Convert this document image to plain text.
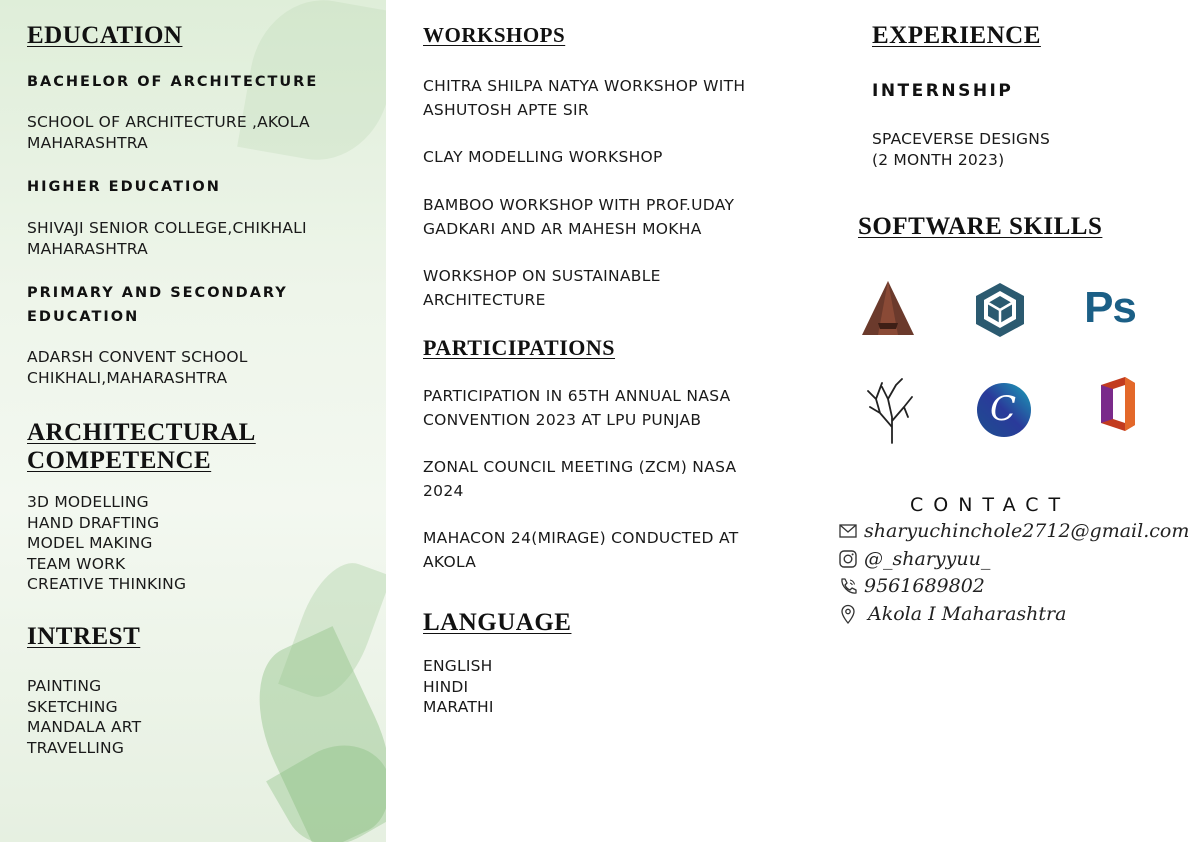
EDUCATION
BACHELOR OF ARCHITECTURE
SCHOOL OF ARCHITECTURE ,AKOLA
MAHARASHTRA
HIGHER EDUCATION
SHIVAJI SENIOR COLLEGE,CHIKHALI
MAHARASHTRA
PRIMARY AND SECONDARY
EDUCATION
ADARSH CONVENT SCHOOL
CHIKHALI,MAHARASHTRA
ARCHITECTURAL
COMPETENCE
3D MODELLING
HAND DRAFTING
MODEL MAKING
TEAM WORK
CREATIVE THINKING
INTREST
PAINTING
SKETCHING
MANDALA ART
TRAVELLING
WORKSHOPS
CHITRA SHILPA NATYA WORKSHOP WITH
ASHUTOSH APTE SIR
CLAY MODELLING WORKSHOP
BAMBOO WORKSHOP WITH PROF.UDAY
GADKARI AND AR MAHESH MOKHA
WORKSHOP ON SUSTAINABLE
ARCHITECTURE
PARTICIPATIONS
PARTICIPATION IN 65TH ANNUAL NASA
CONVENTION 2023 AT LPU PUNJAB
ZONAL COUNCIL MEETING (ZCM) NASA
2024
MAHACON 24(MIRAGE) CONDUCTED AT
AKOLA
LANGUAGE
ENGLISH
HINDI
MARATHI
EXPERIENCE
INTERNSHIP
SPACEVERSE DESIGNS
(2 MONTH 2023)
SOFTWARE SKILLS
Ps
C
CONTACT
sharyuchinchole2712@gmail.com
@_sharyyuu_
9561689802
Akola I Maharashtra
